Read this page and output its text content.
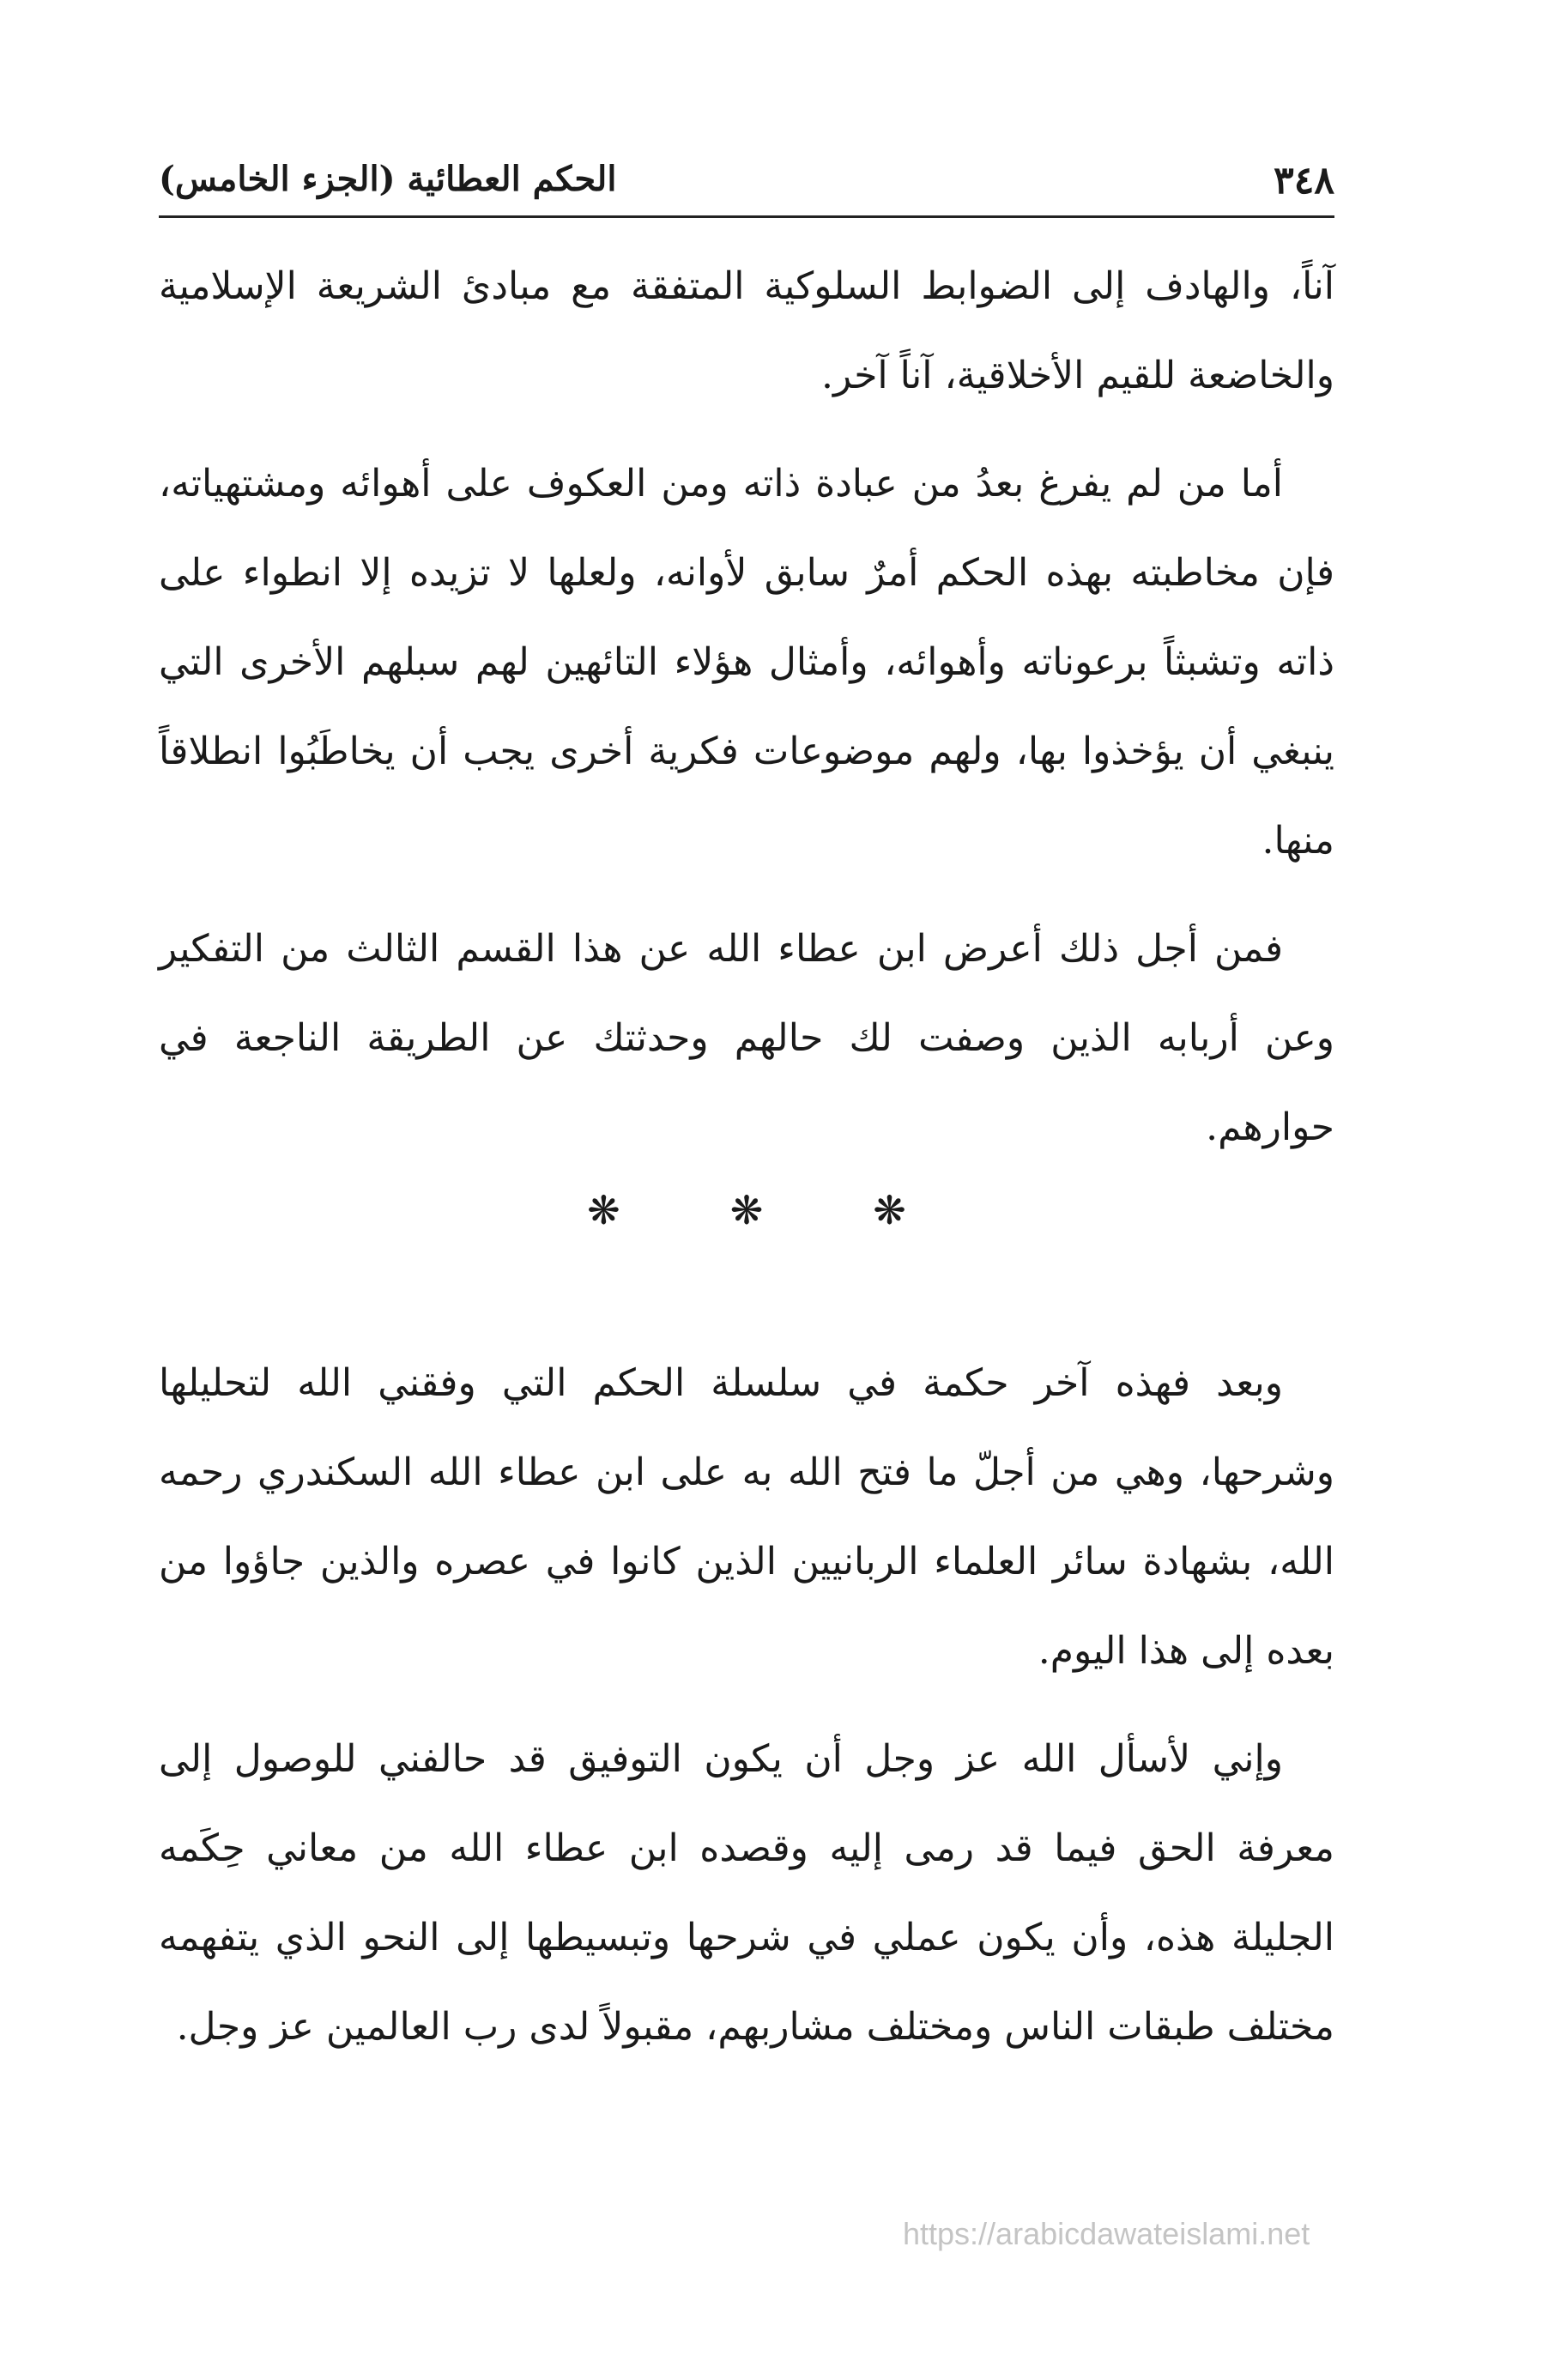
٣٤٨
الحكم العطائية (الجزء الخامس)

آناً، والهادف إلى الضوابط السلوكية المتفقة مع مبادئ الشريعة الإسلامية والخاضعة للقيم الأخلاقية، آناً آخر.

أما من لم يفرغ بعدُ من عبادة ذاته ومن العكوف على أهوائه ومشتهياته، فإن مخاطبته بهذه الحكم أمرٌ سابق لأوانه، ولعلها لا تزيده إلا انطواء على ذاته وتشبثاً برعوناته وأهوائه، وأمثال هؤلاء التائهين لهم سبلهم الأخرى التي ينبغي أن يؤخذوا بها، ولهم موضوعات فكرية أخرى يجب أن يخاطَبُوا انطلاقاً منها.

فمن أجل ذلك أعرض ابن عطاء الله عن هذا القسم الثالث من التفكير وعن أربابه الذين وصفت لك حالهم وحدثتك عن الطريقة الناجعة في حوارهم.

❋	❋	❋

وبعد فهذه آخر حكمة في سلسلة الحكم التي وفقني الله لتحليلها وشرحها، وهي من أجلّ ما فتح الله به على ابن عطاء الله السكندري رحمه الله، بشهادة سائر العلماء الربانيين الذين كانوا في عصره والذين جاؤوا من بعده إلى هذا اليوم.

وإني لأسأل الله عز وجل أن يكون التوفيق قد حالفني للوصول إلى معرفة الحق فيما قد رمى إليه وقصده ابن عطاء الله من معاني حِكَمه الجليلة هذه، وأن يكون عملي في شرحها وتبسيطها إلى النحو الذي يتفهمه مختلف طبقات الناس ومختلف مشاربهم، مقبولاً لدى رب العالمين عز وجل.

https://arabicdawateislami.net
